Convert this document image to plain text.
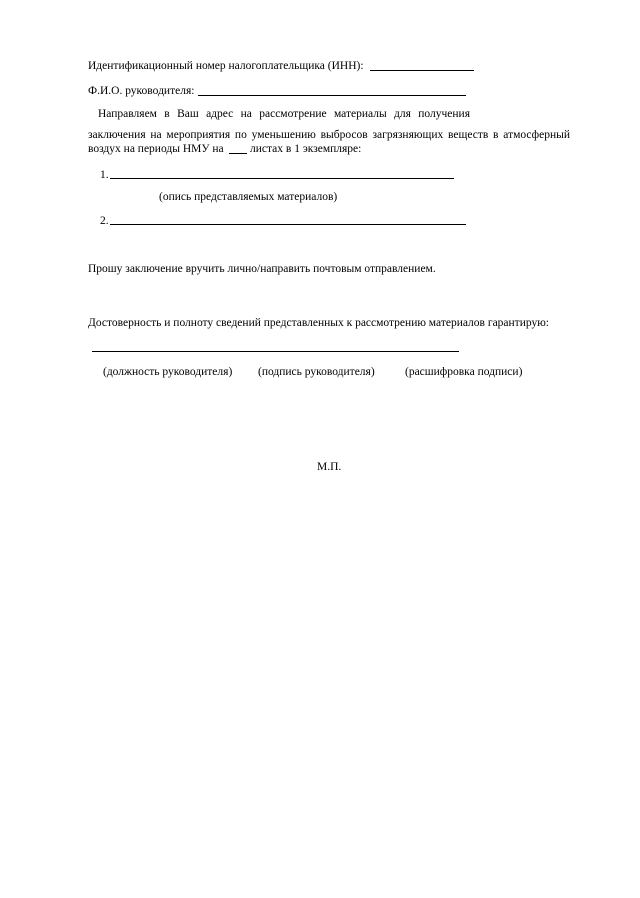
Идентификационный номер налогоплательщика (ИНН):
Ф.И.О. руководителя:
Направляем в Ваш адрес на рассмотрение материалы для получения
заключения на мероприятия по уменьшению выбросов загрязняющих веществ в атмосферный
воздух на периоды НМУ на листах в 1 экземпляре:
1.
(опись представляемых материалов)
2.
Прошу заключение вручить лично/направить почтовым отправлением.
Достоверность и полноту сведений представленных к рассмотрению материалов гарантирую:
(должность руководителя) (подпись руководителя)	(расшифровка подписи)
М.П.
